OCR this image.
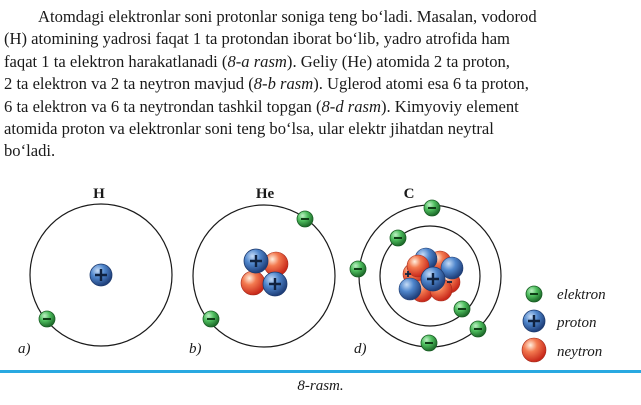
Atomdagi elektronlar soni protonlar soniga teng bo‘ladi. Masalan, vodorod
(H) atomining yadrosi faqat 1 ta protondan iborat bo‘lib, yadro atrofida ham
faqat 1 ta elektron harakatlanadi (8-a rasm). Geliy (He) atomida 2 ta proton,
2 ta elektron va 2 ta neytron mavjud (8-b rasm). Uglerod atomi esa 6 ta proton,
6 ta elektron va 6 ta neytrondan tashkil topgan (8-d rasm). Kimyoviy element
atomida proton va elektronlar soni teng bo‘lsa, ular elektr jihatdan neytral
bo‘ladi.

H
a)
He
b)
C
d)
elektron
proton
neytron
8-rasm.
